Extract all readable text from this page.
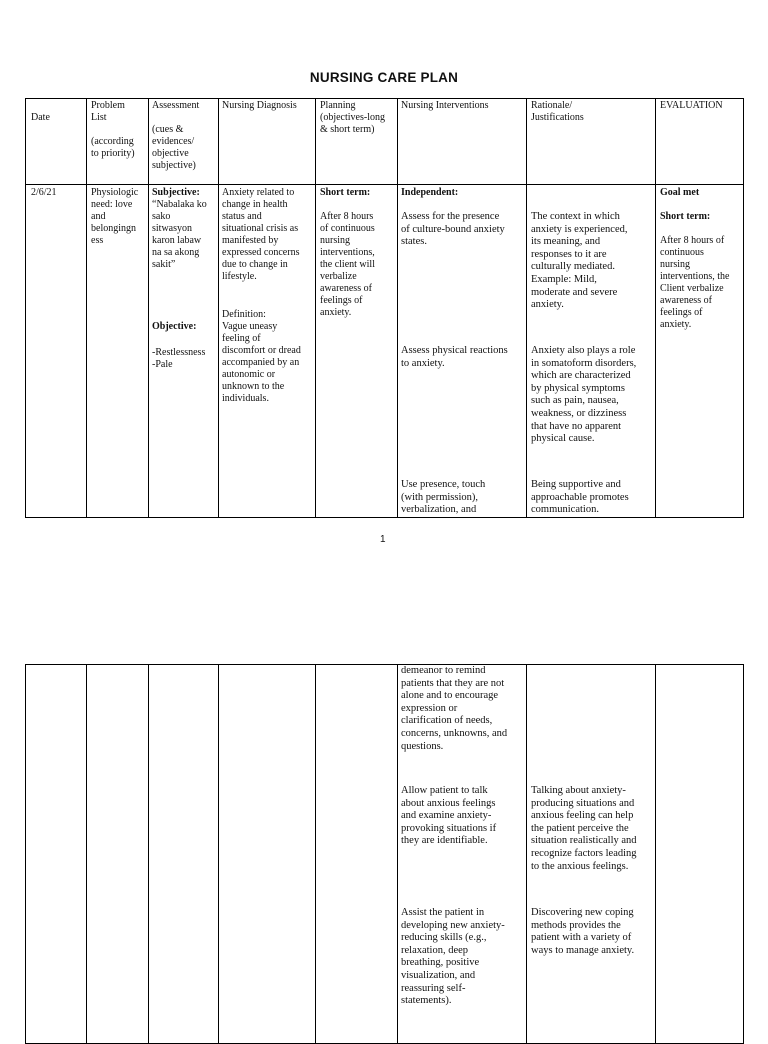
NURSING CARE PLAN
Date
Problem
List

(according
to priority)
Assessment

(cues &
evidences/
objective
subjective)
Nursing Diagnosis Planning
(objectives-long
& short term)
Nursing Interventions	Rationale/
Justifications
EVALUATION
2/6/21	Physiologic
need: love
and
belongingn
ess
Subjective:
“Nabalaka ko
sako
sitwasyon
karon labaw
na sa akong
sakit”
Objective:
-Restlessness
-Pale
Anxiety related to
change in health
status and
situational crisis as
manifested by
expressed concerns
due to change in
lifestyle.
Definition:
Vague uneasy
feeling of
discomfort or dread
accompanied by an
autonomic or
unknown to the
individuals.
Short term:
After 8 hours
of continuous
nursing
interventions,
the client will
verbalize
awareness of
feelings of
anxiety.
Independent:
Assess for the presence
of culture-bound anxiety
states.
Assess physical reactions
to anxiety.
Use presence, touch
(with permission),
verbalization, and
The context in which
anxiety is experienced,
its meaning, and
responses to it are
culturally mediated.
Example: Mild,
moderate and severe
anxiety.
Anxiety also plays a role
in somatoform disorders,
which are characterized
by physical symptoms
such as pain, nausea,
weakness, or dizziness
that have no apparent
physical cause.
Being supportive and
approachable promotes
communication.
Goal met
Short term:
After 8 hours of
continuous
nursing
interventions, the
Client verbalize
awareness of
feelings of
anxiety.
1
demeanor to remind
patients that they are not
alone and to encourage
expression or
clarification of needs,
concerns, unknowns, and
questions.
Allow patient to talk
about anxious feelings
and examine anxiety-
provoking situations if
they are identifiable.
Talking about anxiety-
producing situations and
anxious feeling can help
the patient perceive the
situation realistically and
recognize factors leading
to the anxious feelings.
Assist the patient in
developing new anxiety-
reducing skills (e.g.,
relaxation, deep
breathing, positive
visualization, and
reassuring self-
statements).
Discovering new coping
methods provides the
patient with a variety of
ways to manage anxiety.
